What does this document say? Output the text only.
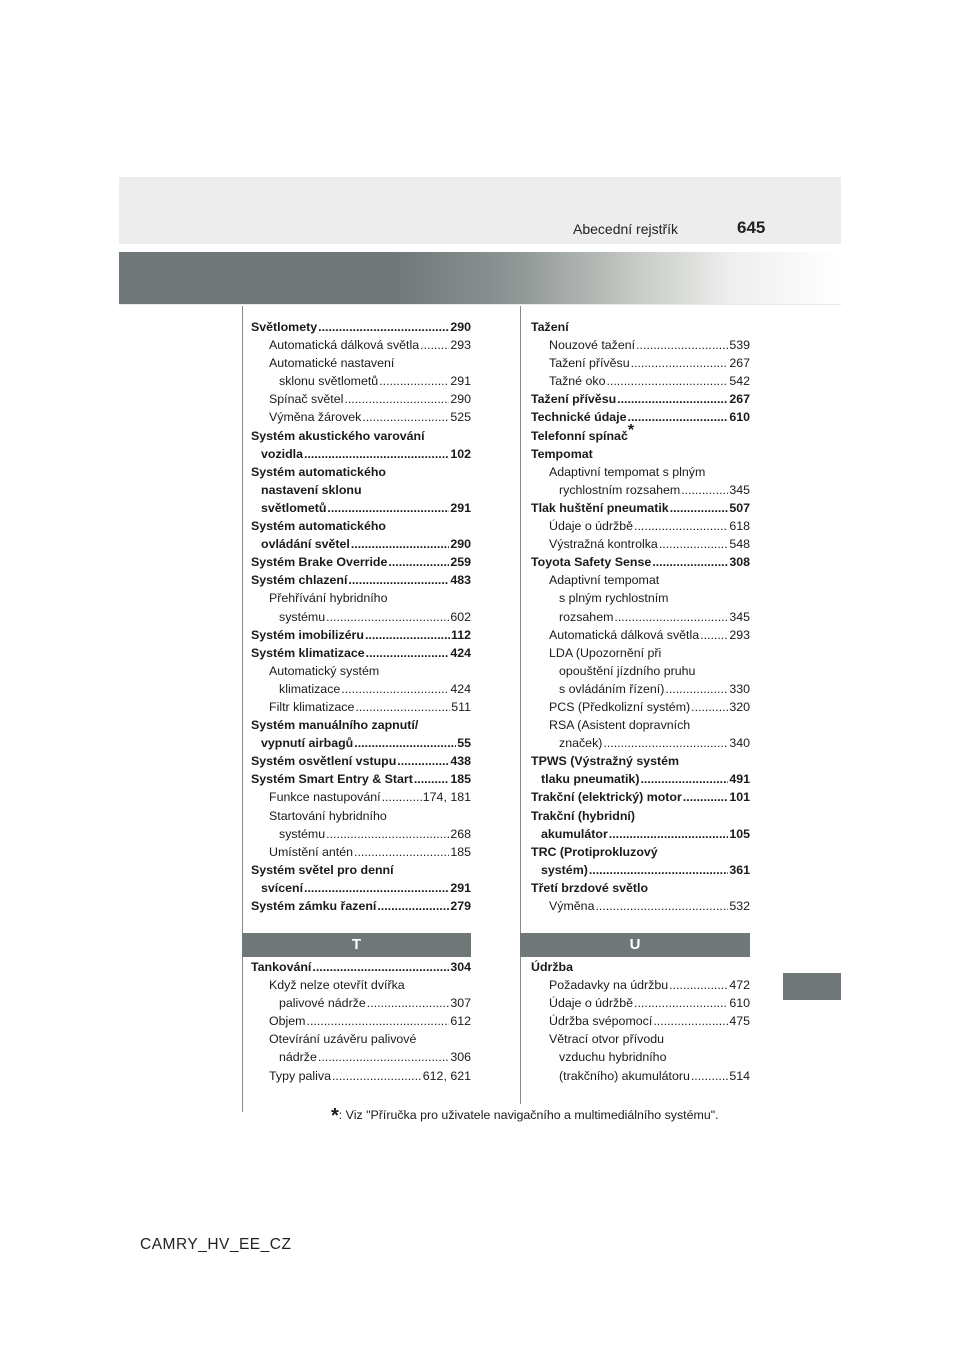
Abecední rejstřík	645
Světlomety .....	290
Automatická dálková světla .....	293
Automatické nastavení
sklonu světlometů .....	291
Spínač světel .....	290
Výměna žárovek .....	525
Systém akustického varování
vozidla .....	102
Systém automatického
nastavení sklonu
světlometů .....	291
Systém automatického
ovládání světel .....	290
Systém Brake Override .....	259
Systém chlazení .....	483
Přehřívání hybridního
systému .....	602
Systém imobilizéru .....	112
Systém klimatizace .....	424
Automatický systém
klimatizace .....	424
Filtr klimatizace .....	511
Systém manuálního zapnutí/
vypnutí airbagů .....	55
Systém osvětlení vstupu .....	438
Systém Smart Entry & Start .....	185
Funkce nastupování .....	174, 181
Startování hybridního
systému .....	268
Umístění antén .....	185
Systém světel pro denní
svícení .....	291
Systém zámku řazení .....	279
Tažení
Nouzové tažení .....	539
Tažení přívěsu .....	267
Tažné oko .....	542
Tažení přívěsu .....	267
Technické údaje .....	610
Telefonní spínač *
Tempomat
Adaptivní tempomat s plným
rychlostním rozsahem .....	345
Tlak huštění pneumatik .....	507
Údaje o údržbě .....	618
Výstražná kontrolka .....	548
Toyota Safety Sense .....	308
Adaptivní tempomat
s plným rychlostním
rozsahem .....	345
Automatická dálková světla ..... 293
LDA (Upozornění při
opouštění jízdního pruhu
s ovládáním řízení) .....	330
PCS (Předkolizní systém) .....	320
RSA (Asistent dopravních
značek) .....	340
TPWS (Výstražný systém
tlaku pneumatik) .....	491
Trakční (elektrický) motor .....	101
Trakční (hybridní)
akumulátor .....	105
TRC (Protiprokluzový
systém) .....	361
Třetí brzdové světlo
Výměna .....	532
T	U
Tankování .....	304
Když nelze otevřít dvířka
palivové nádrže .....	307
Objem .....	612
Otevírání uzávěru palivové
nádrže .....	306
Typy paliva .....	612, 621
Údržba
Požadavky na údržbu .....	472
Údaje o údržbě .....	610
Údržba svépomocí .....	475
Větrací otvor přívodu
vzduchu hybridního
(trakčního) akumulátoru .....	514
*: Viz "Příručka pro uživatele navigačního a multimediálního systému".
CAMRY_HV_EE_CZ
